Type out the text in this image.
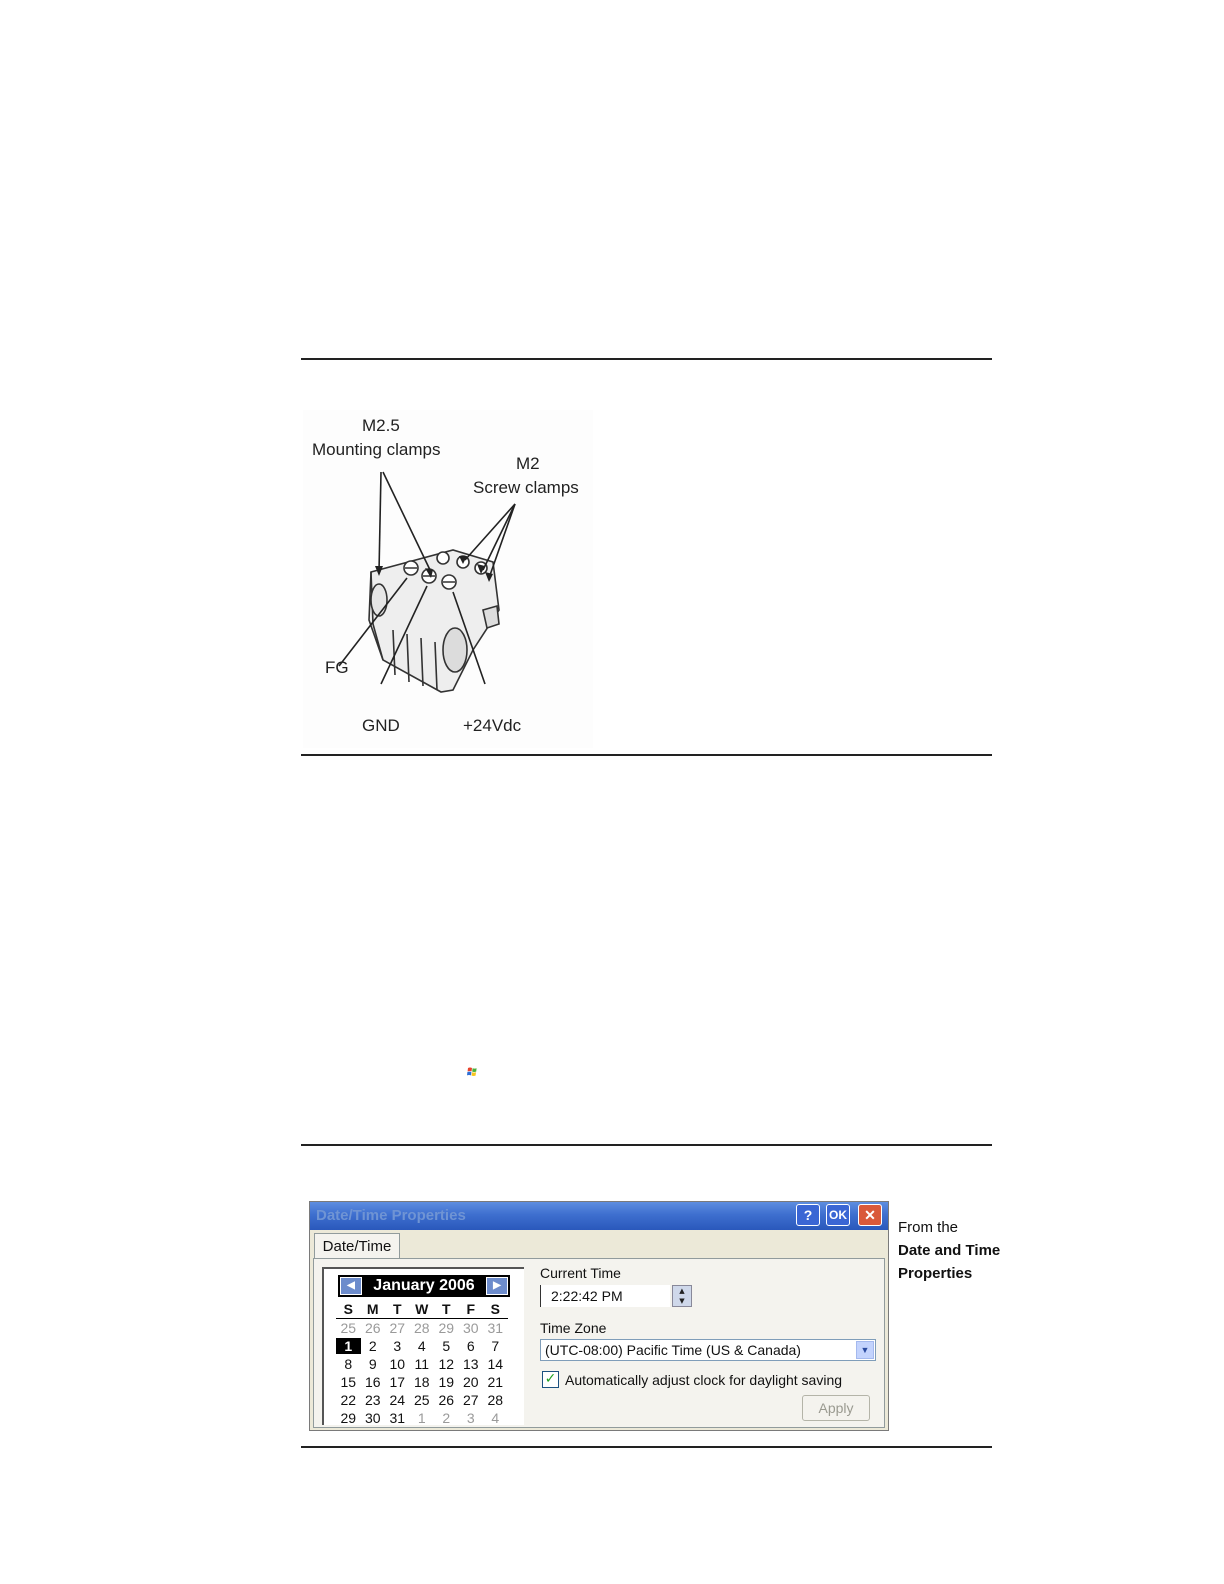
M2.5
Mounting clamps
M2
Screw clamps
FG
GND	+24Vdc
Date/Time Properties	?	OK	✕
Date/Time
◀	January 2006	▶
S M	T W T	F	S
25 26 27 28 29 30 31
1	2	3	4	5	6	7
8	9 10 11 12 13 14
15 16 17 18 19 20 21
22 23 24 25 26 27 28
29 30 31 1	2	3	4
Current Time
2:22:42 PM	▲
▼
Time Zone
(UTC-08:00) Pacific Time (US & Canada)	▼
✓ Automatically adjust clock for daylight saving
Apply
From the
Date and Time
Properties
